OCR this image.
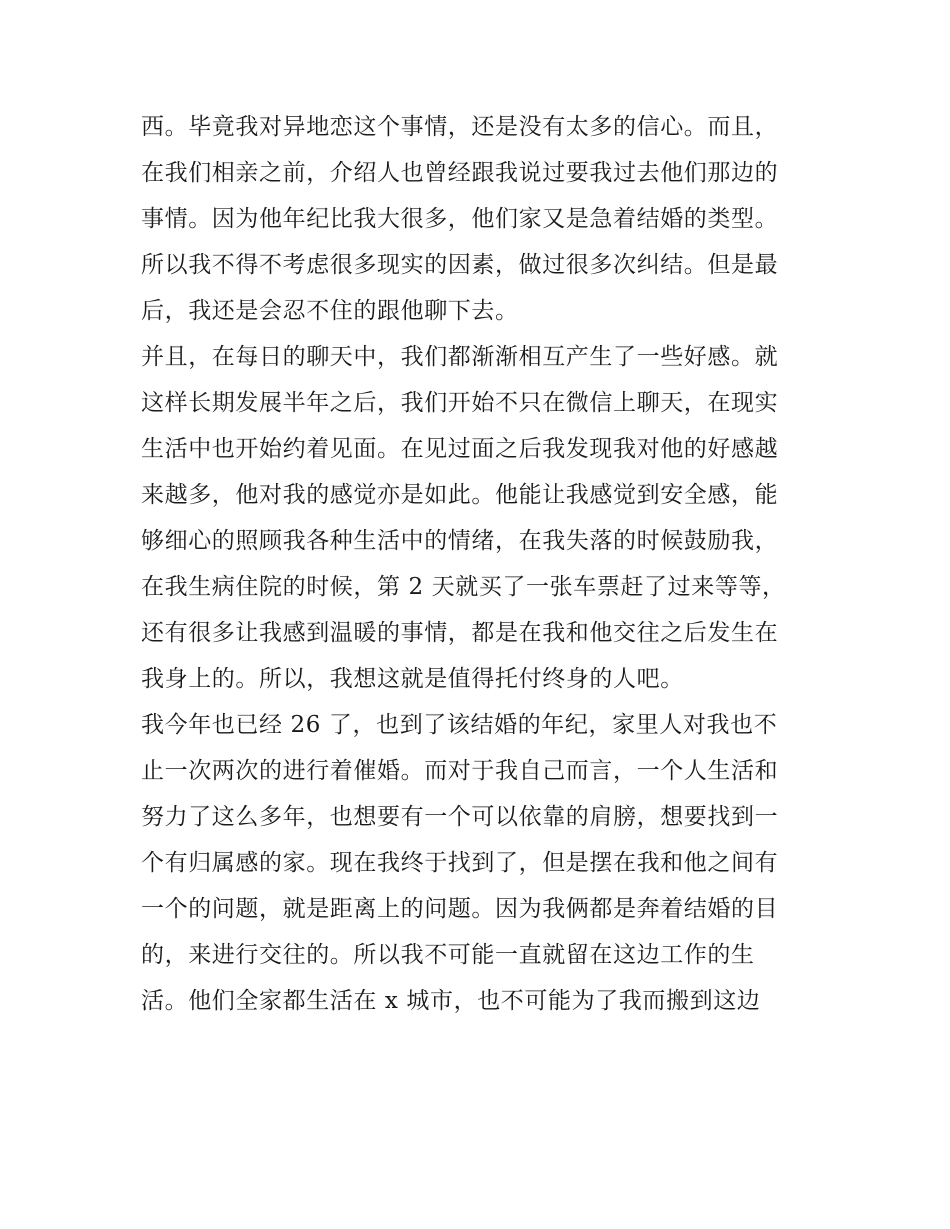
西。毕竟我对异地恋这个事情，还是没有太多的信心。而且，
在我们相亲之前，介绍人也曾经跟我说过要我过去他们那边的
事情。因为他年纪比我大很多，他们家又是急着结婚的类型。
所以我不得不考虑很多现实的因素，做过很多次纠结。但是最
后，我还是会忍不住的跟他聊下去。
并且，在每日的聊天中，我们都渐渐相互产生了一些好感。就
这样长期发展半年之后，我们开始不只在微信上聊天，在现实
生活中也开始约着见面。在见过面之后我发现我对他的好感越
来越多，他对我的感觉亦是如此。他能让我感觉到安全感，能
够细心的照顾我各种生活中的情绪，在我失落的时候鼓励我，
在我生病住院的时候，第 2 天就买了一张车票赶了过来等等，
还有很多让我感到温暖的事情，都是在我和他交往之后发生在
我身上的。所以，我想这就是值得托付终身的人吧。
我今年也已经 26 了，也到了该结婚的年纪，家里人对我也不
止一次两次的进行着催婚。而对于我自己而言，一个人生活和
努力了这么多年，也想要有一个可以依靠的肩膀，想要找到一
个有归属感的家。现在我终于找到了，但是摆在我和他之间有
一个的问题，就是距离上的问题。因为我俩都是奔着结婚的目
的，来进行交往的。所以我不可能一直就留在这边工作的生
活。他们全家都生活在 x 城市，也不可能为了我而搬到这边
